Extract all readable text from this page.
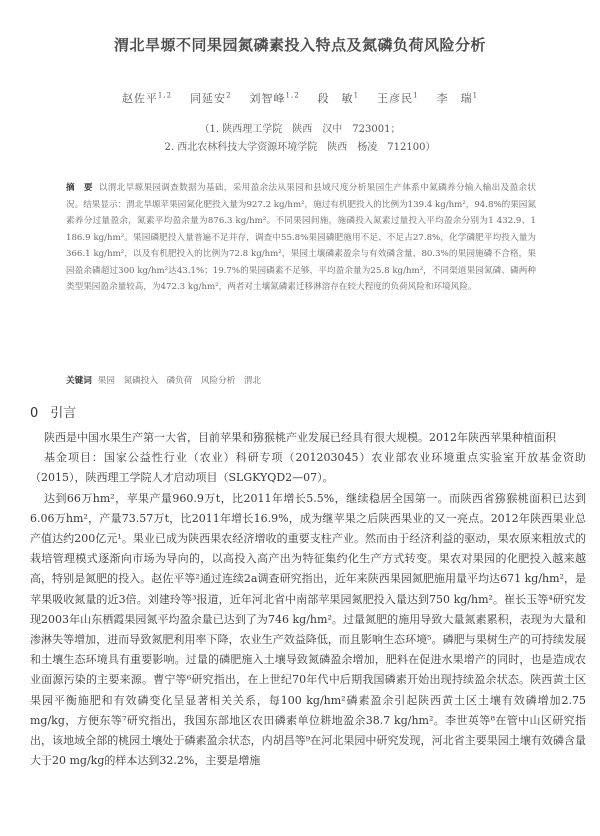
渭北旱塬不同果园氮磷素投入特点及氮磷负荷风险分析
赵佐平$^{1,2}$ 同延安$^2$ 刘智峰$^{1,2}$ 段　敏$^1$ 王彦民$^1$ 李　瑞$^1$
（1. 陕西理工学院　陕西　汉中　723001；
2. 西北农林科技大学资源环境学院　陕西　杨凌　712100）
摘　要 以渭北旱塬果园调查数据为基础，采用盈余法从果园和县域尺度分析果园生产体系中氮磷养分输入输出及盈余状况。结果显示：渭北旱塬苹果园氮化肥投入量为927.2 kg/hm²，施过有机肥投入的比例为139.4 kg/hm²，94.8%的果园氮素养分过量盈余，氮素平均盈余量为876.3 kg/hm²。不同果园间施，施磷投入氮素过量投入平均盈余分别为1 432.9、1 186.9 kg/hm²。果园磷肥投入量普遍不足并存，调查中55.8%果园磷肥施用不足、不足占27.8%，化学磷肥平均投入量为366.1 kg/hm²，以及有机肥投入的比例为72.8 kg/hm²，果园土壤磷素盈余与有效磷含量，80.3%的果园施磷不合格，果园盈余磷超过300 kg/hm²达43.1%；19.7%的果园磷素不足够，平均盈余量为25.8 kg/hm²，不同渠道果园氮磷、磷两种类型果园盈余量较高，为472.3 kg/hm²，两者对土壤氮磷素迁移淋溶存在较大程度的负荷风险和环境风险。
关键词 果园　氮磷投入　磷负荷　风险分析　渭北
0 引言

陕西是中国水果生产第一大省，目前苹果和猕猴桃产业发展已经具有很大规模。2012年陕西苹果种植面积

基金项目：国家公益性行业（农业）科研专项（201203045）农业部农业环境重点实验室开放基金资助（2015），陕西理工学院人才启动项目（SLGKYQD2—07）。

达到66万hm²，苹果产量960.9万t，比2011年增长5.5%，继续稳居全国第一。而陕西省猕猴桃面积已达到6.06万hm²，产量73.57万t，比2011年增长16.9%，成为继苹果之后陕西果业的又一亮点。2012年陕西果业总产值达约200亿元¹。果业已成为陕西果农经济增收的重要支柱产业。然而由于经济利益的驱动，果农原来粗放式的栽培管理模式逐渐向市场为导向的，以高投入高产出为特征集约化生产方式转变。果农对果园的化肥投入越来越高，特别是氮肥的投入。赵佐平等²通过连续2a调查研究指出，近年来陕西果园氮肥施用量平均达671 kg/hm²，是苹果吸收氮量的近3倍。刘建玲等³报道，近年河北省中南部苹果园氮肥投入量达到750 kg/hm²。崔长玉等⁴研究发现2003年山东栖霞果园氮平均盈余量已达到了为746 kg/hm²。过量氮肥的施用导致大量氮素累积，表现为大量和渗淋失等增加，进而导致氮肥利用率下降，农业生产效益降低，而且影响生态环境⁵。磷肥与果树生产的可持续发展和土壤生态环境具有重要影响。过量的磷肥施入土壤导致氮磷盈余增加，肥料在促进水果增产的同时，也是造成农业面源污染的主要来源。曹宁等⁶研究指出，在上世纪70年代中后期我国磷素开始出现持续盈余状态。陕西黄土区果园平衡施肥和有效磷变化呈显著相关关系，每100 kg/hm²磷素盈余引起陕西黄土区土壤有效磷增加2.75 mg/kg，方便东等⁷研究指出，我国东部地区农田磷素单位耕地盈余38.7 kg/hm²。李世英等⁸在管中山区研究指出，该地域全部的桃园土壤处于磷素盈余状态，内胡昌等⁹在河北果园中研究发现，河北省主要果园土壤有效磷含量大于20 mg/kg的样本达到32.2%，主要是增施
